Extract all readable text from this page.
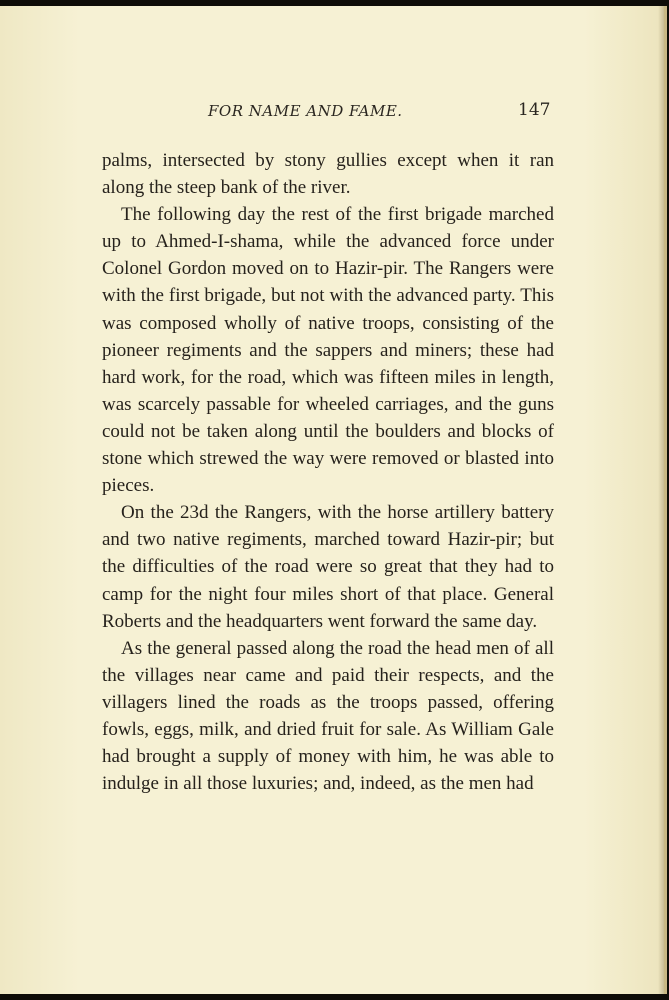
FOR NAME AND FAME.	147

palms, intersected by stony gullies except when it ran along the steep bank of the river.

The following day the rest of the first brigade marched up to Ahmed-I-shama, while the advanced force under Colonel Gordon moved on to Hazir-pir. The Rangers were with the first brigade, but not with the advanced party. This was composed wholly of native troops, consisting of the pioneer regiments and the sappers and miners; these had hard work, for the road, which was fifteen miles in length, was scarcely passable for wheeled carriages, and the guns could not be taken along until the boulders and blocks of stone which strewed the way were removed or blasted into pieces.

On the 23d the Rangers, with the horse artillery battery and two native regiments, marched toward Hazir-pir; but the difficulties of the road were so great that they had to camp for the night four miles short of that place. General Roberts and the headquarters went forward the same day.

As the general passed along the road the head men of all the villages near came and paid their respects, and the villagers lined the roads as the troops passed, offering fowls, eggs, milk, and dried fruit for sale. As William Gale had brought a supply of money with him, he was able to indulge in all those luxuries; and, indeed, as the men had
